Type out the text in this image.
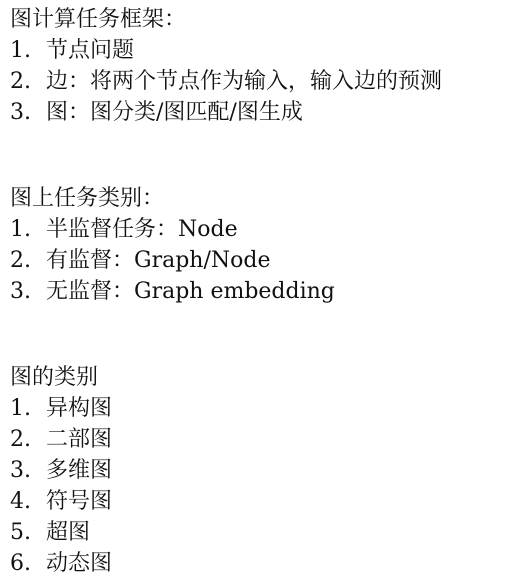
图计算任务框架：
1. 节点问题
2. 边：将两个节点作为输入，输入边的预测
3. 图：图分类/图匹配/图生成
图上任务类别：
1. 半监督任务：Node
2. 有监督：Graph/Node
3. 无监督：Graph embedding
图的类别
1. 异构图
2. 二部图
3. 多维图
4. 符号图
5. 超图
6. 动态图
